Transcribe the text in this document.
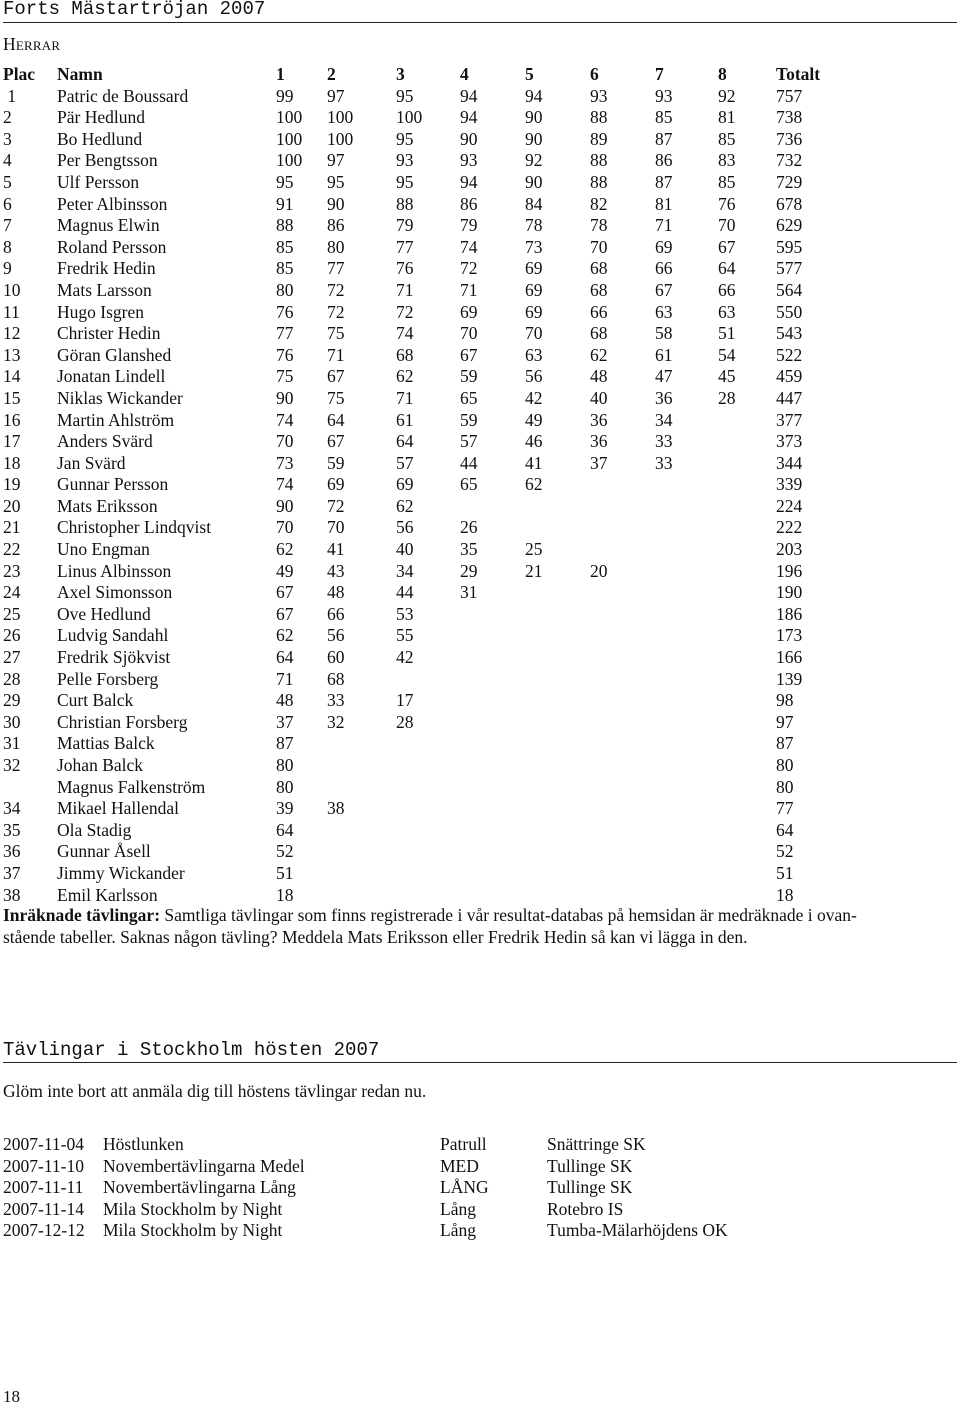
Forts Mästartröjan 2007
HERRAR
Plac	Namn	1	2	3	4	5	6	7	8	Totalt
1	Patric de Boussard	99	97	95	94	94	93	93	92	757
2	Pär Hedlund	100	100	100	94	90	88	85	81	738
3	Bo Hedlund	100	100	95	90	90	89	87	85	736
4	Per Bengtsson	100	97	93	93	92	88	86	83	732
5	Ulf Persson	95	95	95	94	90	88	87	85	729
6	Peter Albinsson	91	90	88	86	84	82	81	76	678
7	Magnus Elwin	88	86	79	79	78	78	71	70	629
8	Roland Persson	85	80	77	74	73	70	69	67	595
9	Fredrik Hedin	85	77	76	72	69	68	66	64	577
10	Mats Larsson	80	72	71	71	69	68	67	66	564
11	Hugo Isgren	76	72	72	69	69	66	63	63	550
12	Christer Hedin	77	75	74	70	70	68	58	51	543
13	Göran Glanshed	76	71	68	67	63	62	61	54	522
14	Jonatan Lindell	75	67	62	59	56	48	47	45	459
15	Niklas Wickander	90	75	71	65	42	40	36	28	447
16	Martin Ahlström	74	64	61	59	49	36	34		377
17	Anders Svärd	70	67	64	57	46	36	33		373
18	Jan Svärd	73	59	57	44	41	37	33		344
19	Gunnar Persson	74	69	69	65	62				339
20	Mats Eriksson	90	72	62						224
21	Christopher Lindqvist	70	70	56	26					222
22	Uno Engman	62	41	40	35	25				203
23	Linus Albinsson	49	43	34	29	21	20			196
24	Axel Simonsson	67	48	44	31					190
25	Ove Hedlund	67	66	53						186
26	Ludvig Sandahl	62	56	55						173
27	Fredrik Sjökvist	64	60	42						166
28	Pelle Forsberg	71	68							139
29	Curt Balck	48	33	17						98
30	Christian Forsberg	37	32	28						97
31	Mattias Balck	87								87
32	Johan Balck	80								80
	Magnus Falkenström	80								80
34	Mikael Hallendal	39	38							77
35	Ola Stadig	64								64
36	Gunnar Åsell	52								52
37	Jimmy Wickander	51								51
38	Emil Karlsson	18								18
Inräknade tävlingar: Samtliga tävlingar som finns registrerade i vår resultat-databas på hemsidan är medräknade i ovan-
stående tabeller. Saknas någon tävling? Meddela Mats Eriksson eller Fredrik Hedin så kan vi lägga in den.
Tävlingar i Stockholm hösten 2007
Glöm inte bort att anmäla dig till höstens tävlingar redan nu.
2007-11-04	Höstlunken	Patrull	Snättringe SK
2007-11-10	Novembertävlingarna Medel	MED	Tullinge SK
2007-11-11	Novembertävlingarna Lång	LÅNG	Tullinge SK
2007-11-14	Mila Stockholm by Night	Lång	Rotebro IS
2007-12-12	Mila Stockholm by Night	Lång	Tumba-Mälarhöjdens OK
18
